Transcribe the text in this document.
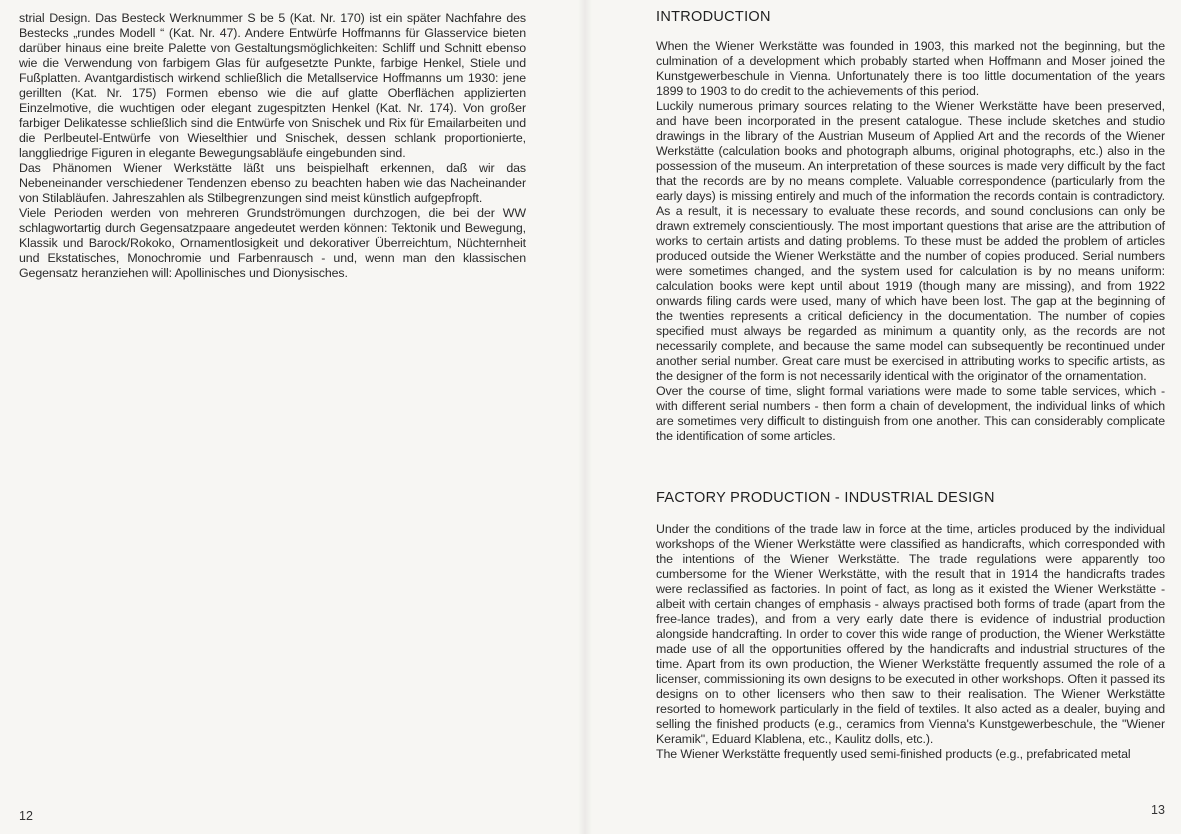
strial Design. Das Besteck Werknummer S be 5 (Kat. Nr. 170) ist ein später Nachfahre des Bestecks „rundes Modell “ (Kat. Nr. 47). Andere Entwürfe Hoffmanns für Glasservice bieten darüber hinaus eine breite Palette von Gestaltungsmöglichkeiten: Schliff und Schnitt ebenso wie die Verwendung von farbigem Glas für aufgesetzte Punkte, farbige Henkel, Stiele und Fußplatten. Avantgardistisch wirkend schließlich die Metallservice Hoffmanns um 1930: jene gerillten (Kat. Nr. 175) Formen ebenso wie die auf glatte Oberflächen applizierten Einzelmotive, die wuchtigen oder elegant zugespitzten Henkel (Kat. Nr. 174). Von großer farbiger Delikatesse schließlich sind die Entwürfe von Snischek und Rix für Emailarbeiten und die Perlbeutel-Entwürfe von Wieselthier und Snischek, dessen schlank proportionierte, langgliedrige Figuren in elegante Bewegungsabläufe eingebunden sind.

Das Phänomen Wiener Werkstätte läßt uns beispielhaft erkennen, daß wir das Nebeneinander verschiedener Tendenzen ebenso zu beachten haben wie das Nacheinander von Stilabläufen. Jahreszahlen als Stilbegrenzungen sind meist künstlich aufgepfropft.

Viele Perioden werden von mehreren Grundströmungen durchzogen, die bei der WW schlagwortartig durch Gegensatzpaare angedeutet werden können: Tektonik und Bewegung, Klassik und Barock/Rokoko, Ornamentlosigkeit und dekorativer Überreichtum, Nüchternheit und Ekstatisches, Monochromie und Farbenrausch - und, wenn man den klassischen Gegensatz heranziehen will: Apollinisches und Dionysisches.

12
INTRODUCTION

When the Wiener Werkstätte was founded in 1903, this marked not the beginning, but the culmination of a development which probably started when Hoffmann and Moser joined the Kunstgewerbeschule in Vienna. Unfortunately there is too little documentation of the years 1899 to 1903 to do credit to the achievements of this period.

Luckily numerous primary sources relating to the Wiener Werkstätte have been preserved, and have been incorporated in the present catalogue. These include sketches and studio drawings in the library of the Austrian Museum of Applied Art and the records of the Wiener Werkstätte (calculation books and photograph albums, original photographs, etc.) also in the possession of the museum. An interpretation of these sources is made very difficult by the fact that the records are by no means complete. Valuable correspondence (particularly from the early days) is missing entirely and much of the information the records contain is contradictory. As a result, it is necessary to evaluate these records, and sound conclusions can only be drawn extremely conscientiously. The most important questions that arise are the attribution of works to certain artists and dating problems. To these must be added the problem of articles produced outside the Wiener Werkstätte and the number of copies produced. Serial numbers were sometimes changed, and the system used for calculation is by no means uniform: calculation books were kept until about 1919 (though many are missing), and from 1922 onwards filing cards were used, many of which have been lost. The gap at the beginning of the twenties represents a critical deficiency in the documentation. The number of copies specified must always be regarded as minimum a quantity only, as the records are not necessarily complete, and because the same model can subsequently be recontinued under another serial number. Great care must be exercised in attributing works to specific artists, as the designer of the form is not necessarily identical with the originator of the ornamentation.

Over the course of time, slight formal variations were made to some table services, which - with different serial numbers - then form a chain of development, the individual links of which are sometimes very difficult to distinguish from one another. This can considerably complicate the identification of some articles.

FACTORY PRODUCTION - INDUSTRIAL DESIGN

Under the conditions of the trade law in force at the time, articles produced by the individual workshops of the Wiener Werkstätte were classified as handicrafts, which corresponded with the intentions of the Wiener Werkstätte. The trade regulations were apparently too cumbersome for the Wiener Werkstätte, with the result that in 1914 the handicrafts trades were reclassified as factories. In point of fact, as long as it existed the Wiener Werkstätte - albeit with certain changes of emphasis - always practised both forms of trade (apart from the free-lance trades), and from a very early date there is evidence of industrial production alongside handcrafting. In order to cover this wide range of production, the Wiener Werkstätte made use of all the opportunities offered by the handicrafts and industrial structures of the time. Apart from its own production, the Wiener Werkstätte frequently assumed the role of a licenser, commissioning its own designs to be executed in other workshops. Often it passed its designs on to other licensers who then saw to their realisation. The Wiener Werkstätte resorted to homework particularly in the field of textiles. It also acted as a dealer, buying and selling the finished products (e.g., ceramics from Vienna's Kunstgewerbeschule, the "Wiener Keramik", Eduard Klablena, etc., Kaulitz dolls, etc.).

The Wiener Werkstätte frequently used semi-finished products (e.g., prefabricated metal

13
